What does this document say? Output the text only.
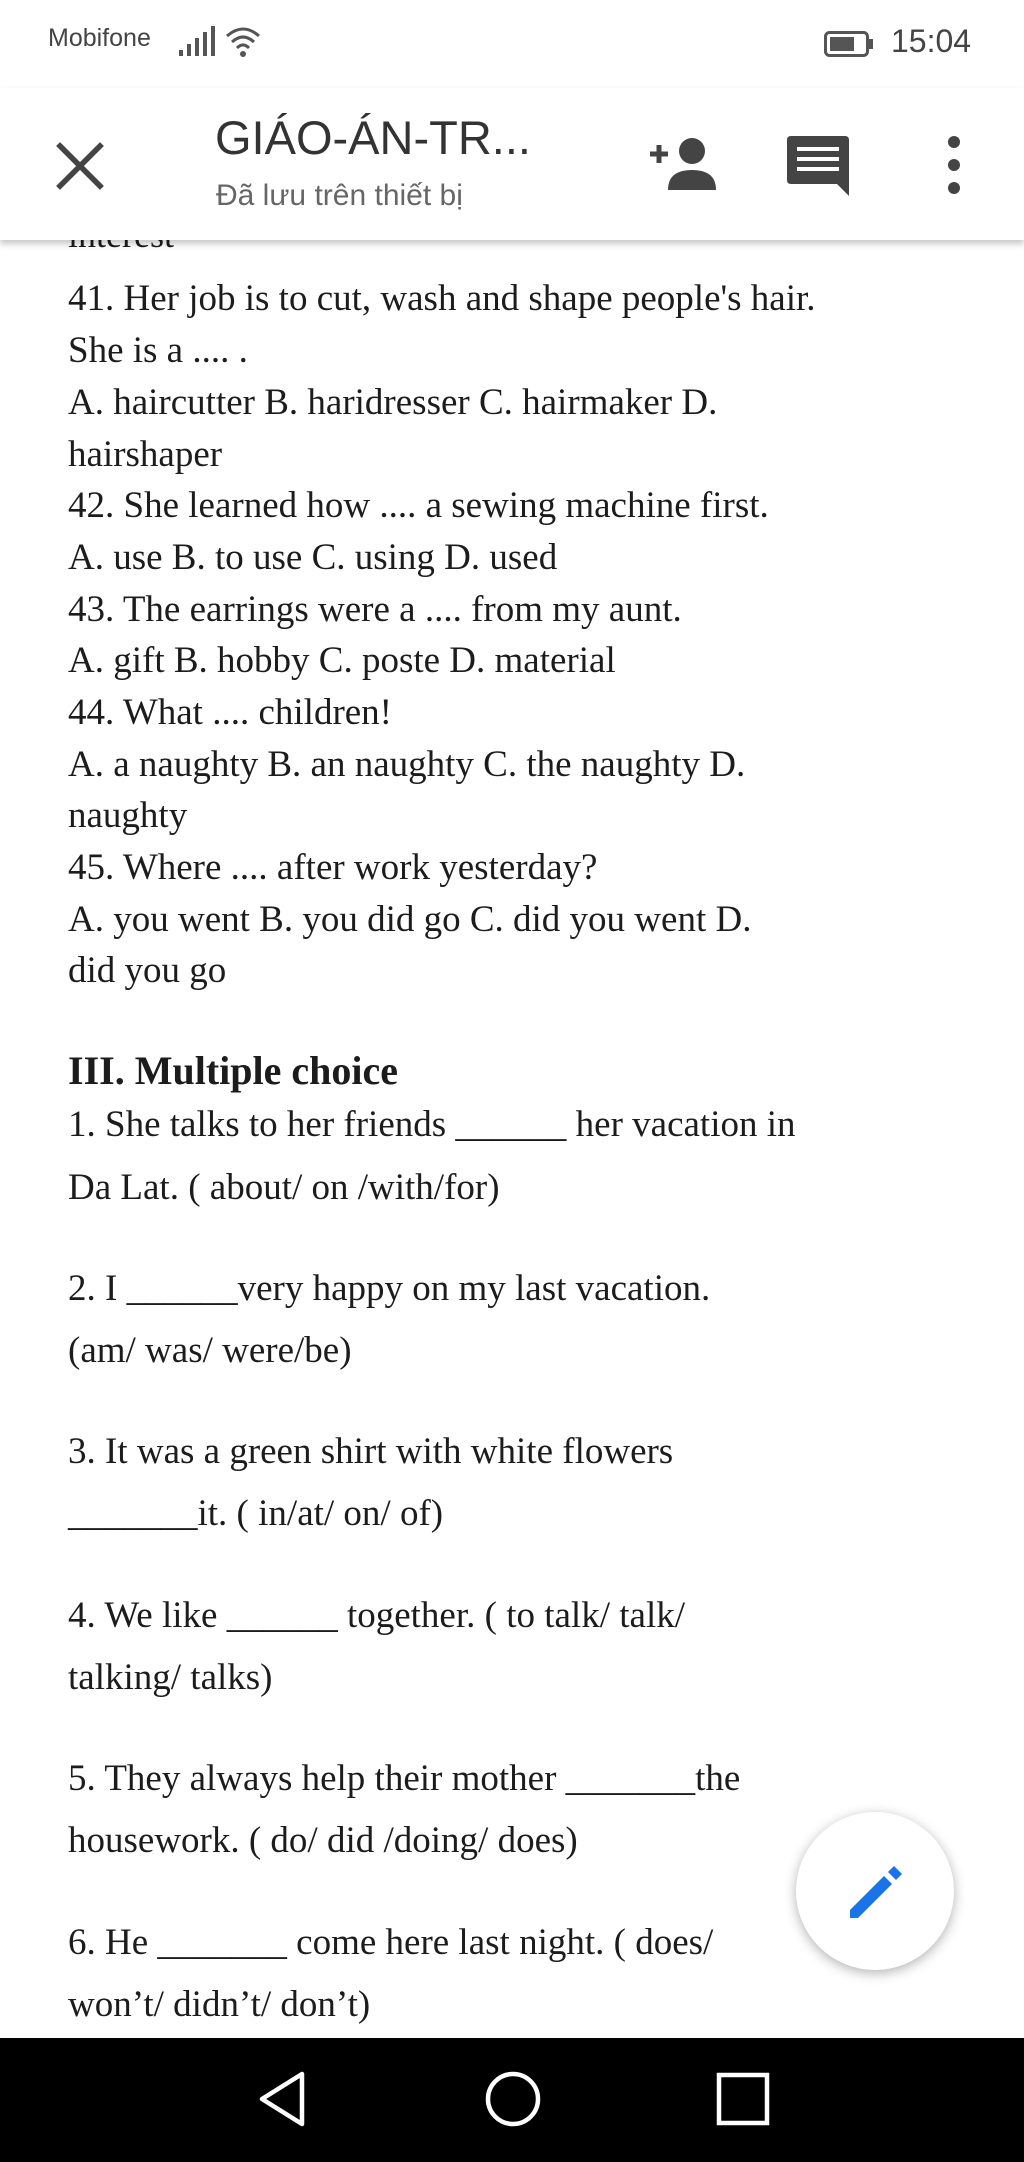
Mobifone	15:04
GIÁO-ÁN-TR...
Đã lưu trên thiết bị
41. Her job is to cut, wash and shape people's hair.
She is a .... .
A. haircutter B. haridresser C. hairmaker D.
hairshaper
42. She learned how .... a sewing machine first.
A. use B. to use C. using D. used
43. The earrings were a .... from my aunt.
A. gift B. hobby C. poste D. material
44. What .... children!
A. a naughty B. an naughty C. the naughty D.
naughty
45. Where .... after work yesterday?
A. you went B. you did go C. did you went D.
did you go
III. Multiple choice
1. She talks to her friends ______ her vacation in
Da Lat. ( about/ on /with/for)
2. I ______very happy on my last vacation.
(am/ was/ were/be)
3. It was a green shirt with white flowers
_______it. ( in/at/ on/ of)
4. We like ______ together. ( to talk/ talk/
talking/ talks)
5. They always help their mother _______the
housework. ( do/ did /doing/ does)
6. He _______ come here last night. ( does/
won’t/ didn’t/ don’t)
